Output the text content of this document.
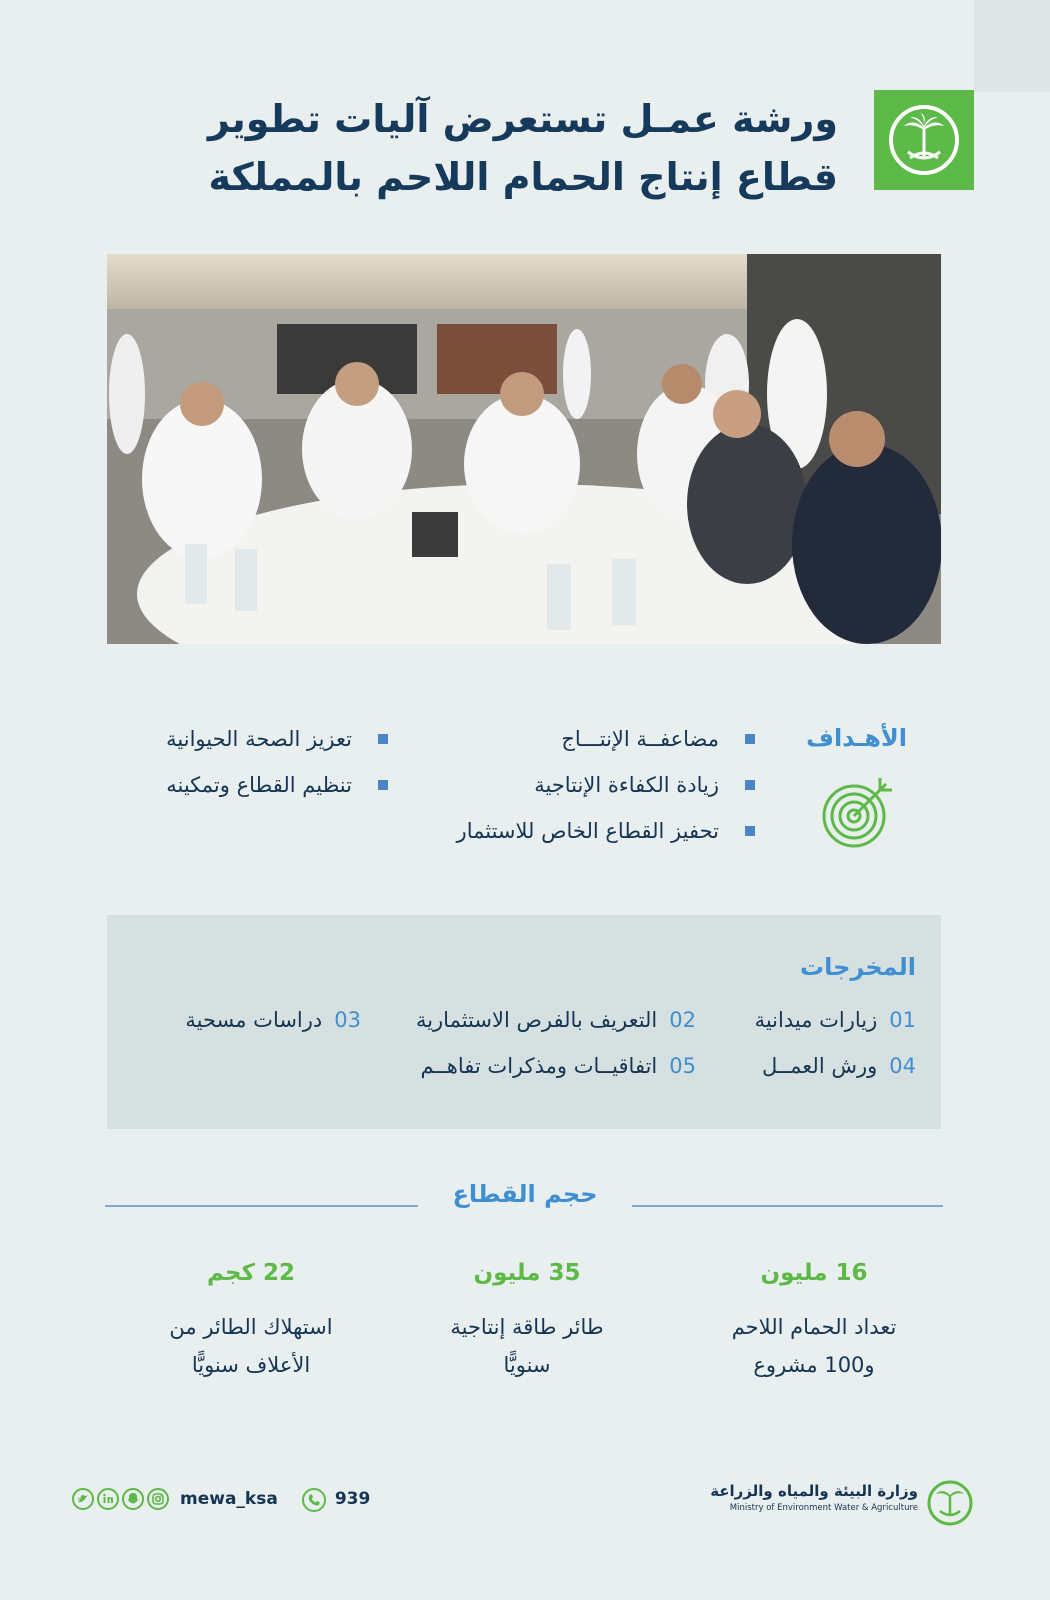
ورشة عمـل تستعرض آليات تطوير
قطاع إنتاج الحمام اللاحم بالمملكة
الأهـداف
مضاعفــة الإنتـــاج
زيادة الكفاءة الإنتاجية
تحفيز القطاع الخاص للاستثمار
تعزيز الصحة الحيوانية
تنظيم القطاع وتمكينه
المخرجات
01زيارات ميدانية
02التعريف بالفرص الاستثمارية
03دراسات مسحية
04ورش العمــل
05اتفاقيــات ومذكرات تفاهــم
حجم القطاع
16 مليون
تعداد الحمام اللاحم
و100 مشروع
35 مليون
طائر طاقة إنتاجية
سنويًّا
22 كجم
استهلاك الطائر من
الأعلاف سنويًّا
وزارة البيئة والمياه والزراعة
Ministry of Environment Water & Agriculture
mewa_ksa	939
